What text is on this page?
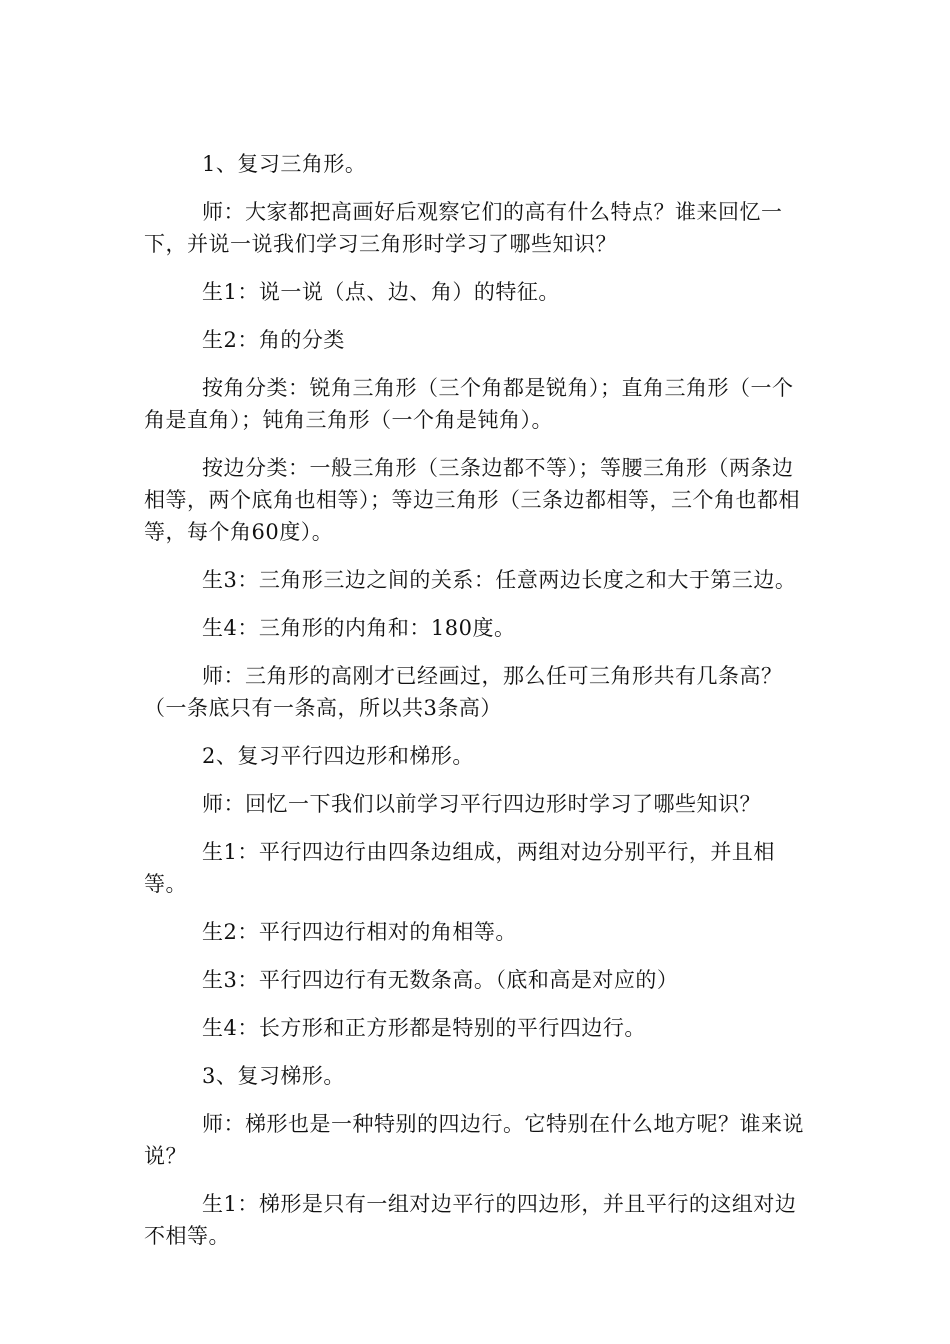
1、复习三角形。

师：大家都把高画好后观察它们的高有什么特点？谁来回忆一下，并说一说我们学习三角形时学习了哪些知识？

生1：说一说（点、边、角）的特征。

生2：角的分类

按角分类：锐角三角形（三个角都是锐角）；直角三角形（一个角是直角）；钝角三角形（一个角是钝角）。

按边分类：一般三角形（三条边都不等）；等腰三角形（两条边相等，两个底角也相等）；等边三角形（三条边都相等，三个角也都相等，每个角60度）。

生3：三角形三边之间的关系：任意两边长度之和大于第三边。

生4：三角形的内角和：180度。

师：三角形的高刚才已经画过，那么任可三角形共有几条高？（一条底只有一条高，所以共3条高）

2、复习平行四边形和梯形。

师：回忆一下我们以前学习平行四边形时学习了哪些知识？

生1：平行四边行由四条边组成，两组对边分别平行，并且相等。

生2：平行四边行相对的角相等。

生3：平行四边行有无数条高。（底和高是对应的）

生4：长方形和正方形都是特别的平行四边行。

3、复习梯形。

师：梯形也是一种特别的四边行。它特别在什么地方呢？谁来说说？

生1：梯形是只有一组对边平行的四边形，并且平行的这组对边不相等。
